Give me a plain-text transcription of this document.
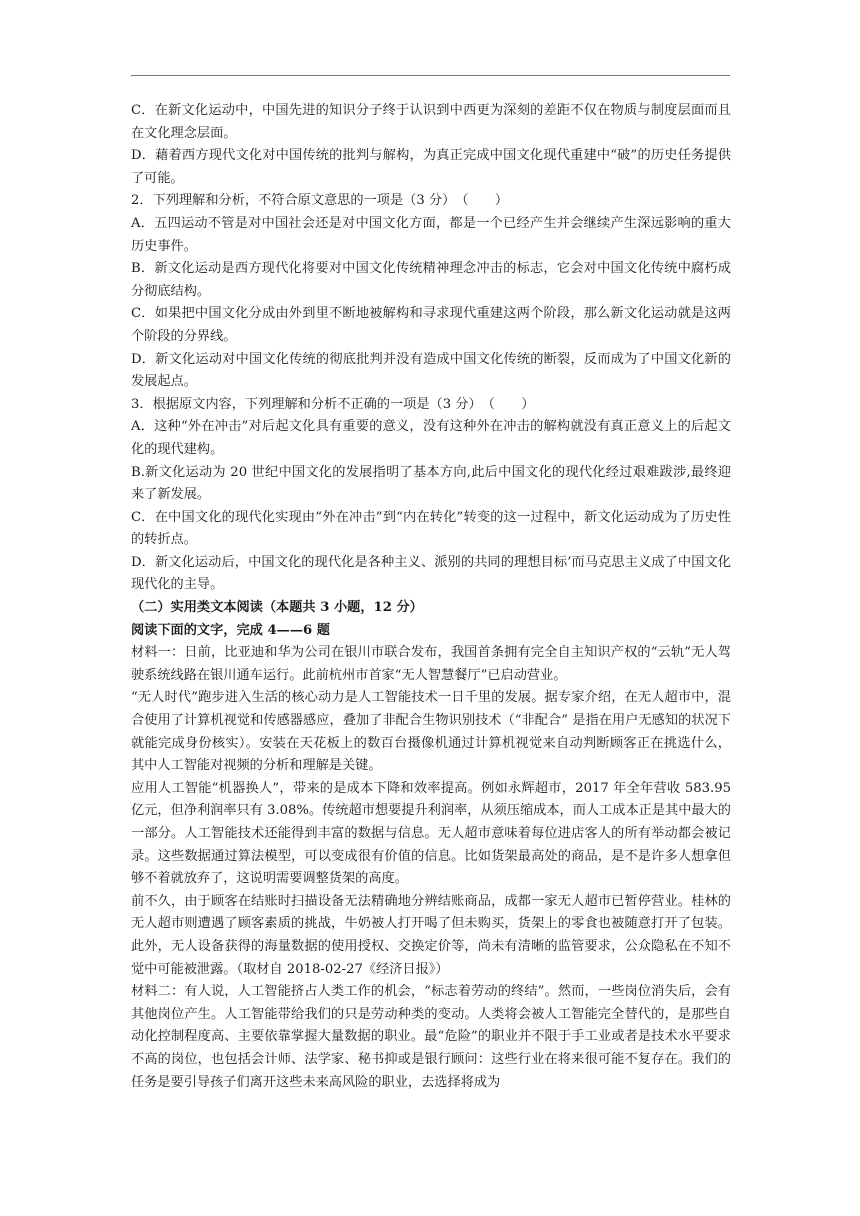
C．在新文化运动中，中国先进的知识分子终于认识到中西更为深刻的差距不仅在物质与制度层面而且在文化理念层面。

D．藉着西方现代文化对中国传统的批判与解构，为真正完成中国文化现代重建中“破”的历史任务提供了可能。

2．下列理解和分析，不符合原文意思的一项是（3 分）　（　　）

A．五四运动不管是对中国社会还是对中国文化方面，都是一个已经产生并会继续产生深远影响的重大历史事件。

B．新文化运动是西方现代化将要对中国文化传统精神理念冲击的标志，它会对中国文化传统中腐朽成分彻底结构。

C．如果把中国文化分成由外到里不断地被解构和寻求现代重建这两个阶段，那么新文化运动就是这两个阶段的分界线。

D．新文化运动对中国文化传统的彻底批判并没有造成中国文化传统的断裂，反而成为了中国文化新的发展起点。

3．根据原文内容，下列理解和分析不正确的一项是（3 分）　（　　）

A．这种“外在冲击”对后起文化具有重要的意义，没有这种外在冲击的解构就没有真正意义上的后起文化的现代建构。

B.新文化运动为 20 世纪中国文化的发展指明了基本方向,此后中国文化的现代化经过艰难跋涉,最终迎来了新发展。

C．在中国文化的现代化实现由“外在冲击”到“内在转化”转变的这一过程中，新文化运动成为了历史性的转折点。

D．新文化运动后，中国文化的现代化是各种主义、派别的共同的理想目标’而马克思主义成了中国文化现代化的主导。

（二）实用类文本阅读（本题共 3 小题，12 分）

阅读下面的文字，完成 4——6 题

材料一：日前，比亚迪和华为公司在银川市联合发布，我国首条拥有完全自主知识产权的“云轨”无人驾驶系统线路在银川通车运行。此前杭州市首家“无人智慧餐厅”已启动营业。

“无人时代”跑步进入生活的核心动力是人工智能技术一日千里的发展。据专家介绍，在无人超市中，混合使用了计算机视觉和传感器感应，叠加了非配合生物识别技术（“非配合” 是指在用户无感知的状况下就能完成身份核实）。安装在天花板上的数百台摄像机通过计算机视觉来自动判断顾客正在挑选什么，其中人工智能对视频的分析和理解是关键。

应用人工智能“机器换人”，带来的是成本下降和效率提高。例如永辉超市，2017 年全年营收 583.95 亿元，但净利润率只有 3.08%。传统超市想要提升利润率，从须压缩成本，而人工成本正是其中最大的一部分。人工智能技术还能得到丰富的数据与信息。无人超市意味着每位进店客人的所有举动都会被记录。这些数据通过算法模型，可以变成很有价值的信息。比如货架最高处的商品，是不是许多人想拿但够不着就放弃了，这说明需要调整货架的高度。

前不久，由于顾客在结账时扫描设备无法精确地分辨结账商品，成都一家无人超市已暂停营业。桂林的无人超市则遭遇了顾客素质的挑战，牛奶被人打开喝了但未购买，货架上的零食也被随意打开了包装。此外，无人设备获得的海量数据的使用授权、交换定价等，尚未有清晰的监管要求，公众隐私在不知不觉中可能被泄露。（取材自 2018-02-27《经济日报》）

材料二：有人说，人工智能挤占人类工作的机会，“标志着劳动的终结”。然而，一些岗位消失后，会有其他岗位产生。人工智能带给我们的只是劳动种类的变动。人类将会被人工智能完全替代的，是那些自动化控制程度高、主要依靠掌握大量数据的职业。最“危险”的职业并不限于手工业或者是技术水平要求不高的岗位，也包括会计师、法学家、秘书抑或是银行顾问：这些行业在将来很可能不复存在。我们的任务是要引导孩子们离开这些未来高风险的职业，去选择将成为
